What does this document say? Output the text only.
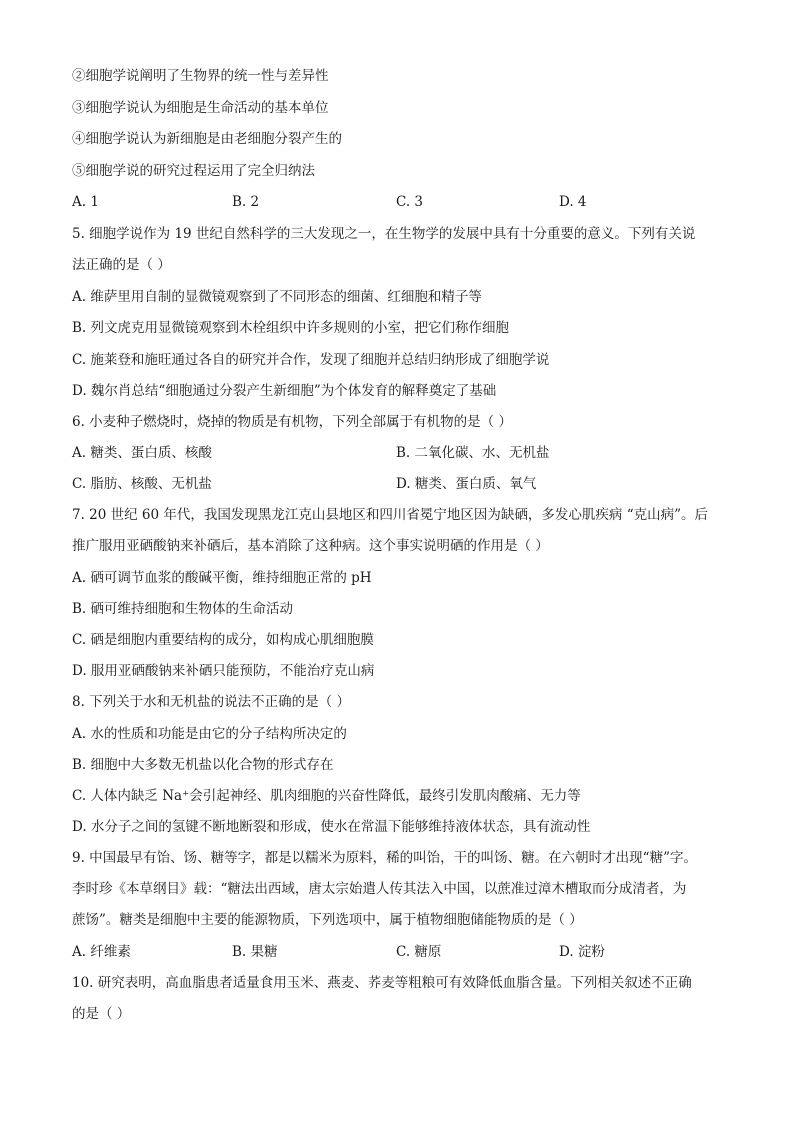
②细胞学说阐明了生物界的统一性与差异性
③细胞学说认为细胞是生命活动的基本单位
④细胞学说认为新细胞是由老细胞分裂产生的
⑤细胞学说的研究过程运用了完全归纳法
A. 1	B. 2	C. 3	D. 4
5. 细胞学说作为 19 世纪自然科学的三大发现之一，在生物学的发展中具有十分重要的意义。下列有关说
法正确的是（ ）
A. 维萨里用自制的显微镜观察到了不同形态的细菌、红细胞和精子等
B. 列文虎克用显微镜观察到木栓组织中许多规则的小室，把它们称作细胞
C. 施莱登和施旺通过各自的研究并合作，发现了细胞并总结归纳形成了细胞学说
D. 魏尔肖总结“细胞通过分裂产生新细胞”为个体发育的解释奠定了基础
6. 小麦种子燃烧时，烧掉的物质是有机物，下列全部属于有机物的是（ ）
A. 糖类、蛋白质、核酸	B. 二氧化碳、水、无机盐
C. 脂肪、核酸、无机盐	D. 糖类、蛋白质、氧气
7. 20 世纪 60 年代，我国发现黑龙江克山县地区和四川省冕宁地区因为缺硒，多发心肌疾病 “克山病”。后
推广服用亚硒酸钠来补硒后，基本消除了这种病。这个事实说明硒的作用是（ ）
A. 硒可调节血浆的酸碱平衡，维持细胞正常的 pH
B. 硒可维持细胞和生物体的生命活动
C. 硒是细胞内重要结构的成分，如构成心肌细胞膜
D. 服用亚硒酸钠来补硒只能预防，不能治疗克山病
8. 下列关于水和无机盐的说法不正确的是（ ）
A. 水的性质和功能是由它的分子结构所决定的
B. 细胞中大多数无机盐以化合物的形式存在
C. 人体内缺乏 Na⁺会引起神经、肌肉细胞的兴奋性降低，最终引发肌肉酸痛、无力等
D. 水分子之间的氢键不断地断裂和形成，使水在常温下能够维持液体状态，具有流动性
9. 中国最早有饴、饧、糖等字，都是以糯米为原料，稀的叫饴，干的叫饧、糖。在六朝时才出现“糖”字。
李时珍《本草纲目》载：“糖法出西域，唐太宗始遣人传其法入中国，以蔗准过漳木槽取而分成清者，为
蔗饧”。糖类是细胞中主要的能源物质，下列选项中，属于植物细胞储能物质的是（ ）
A. 纤维素	B. 果糖	C. 糖原	D. 淀粉
10. 研究表明，高血脂患者适量食用玉米、燕麦、荞麦等粗粮可有效降低血脂含量。下列相关叙述不正确
的是（ ）
